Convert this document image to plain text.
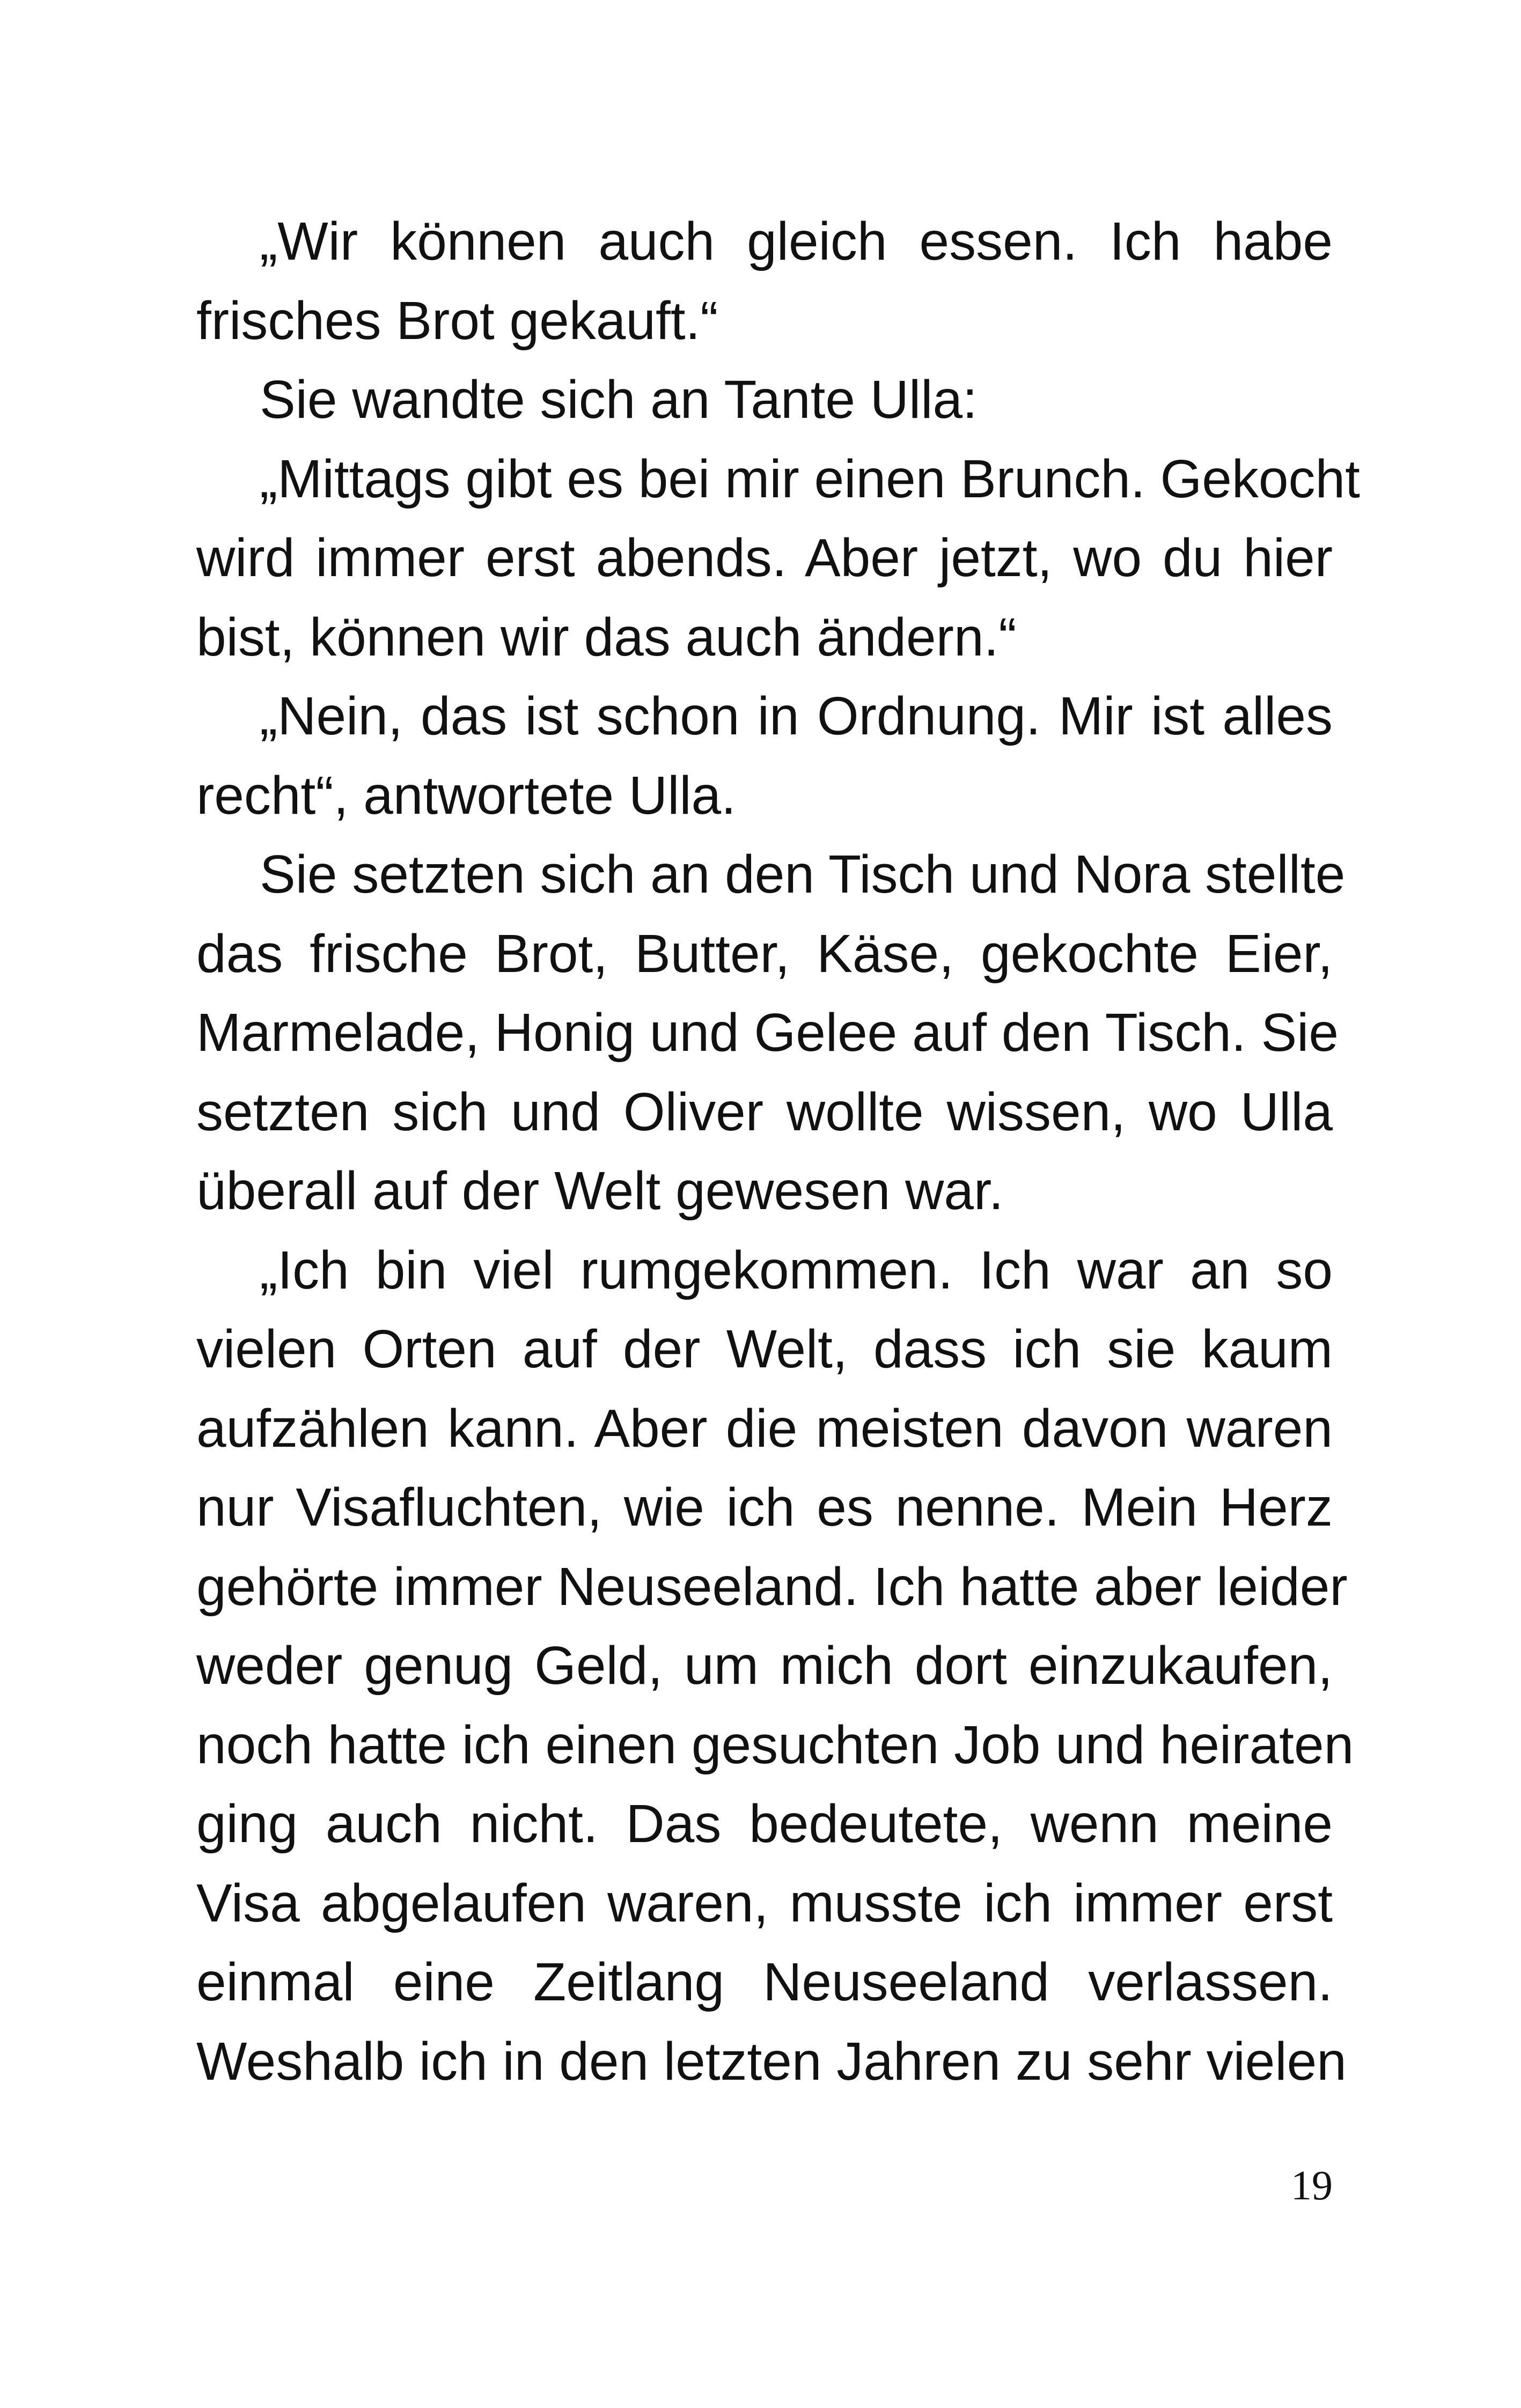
„Wir können auch gleich essen. Ich habe
frisches Brot gekauft.“
Sie wandte sich an Tante Ulla:
„Mittags gibt es bei mir einen Brunch. Gekocht
wird immer erst abends. Aber jetzt, wo du hier
bist, können wir das auch ändern.“
„Nein, das ist schon in Ordnung. Mir ist alles
recht“, antwortete Ulla.
Sie setzten sich an den Tisch und Nora stellte
das frische Brot, Butter, Käse, gekochte Eier,
Marmelade, Honig und Gelee auf den Tisch. Sie
setzten sich und Oliver wollte wissen, wo Ulla
überall auf der Welt gewesen war.
„Ich bin viel rumgekommen. Ich war an so
vielen Orten auf der Welt, dass ich sie kaum
aufzählen kann. Aber die meisten davon waren
nur Visafluchten, wie ich es nenne. Mein Herz
gehörte immer Neuseeland. Ich hatte aber leider
weder genug Geld, um mich dort einzukaufen,
noch hatte ich einen gesuchten Job und heiraten
ging auch nicht. Das bedeutete, wenn meine
Visa abgelaufen waren, musste ich immer erst
einmal eine Zeitlang Neuseeland verlassen.
Weshalb ich in den letzten Jahren zu sehr vielen
19
